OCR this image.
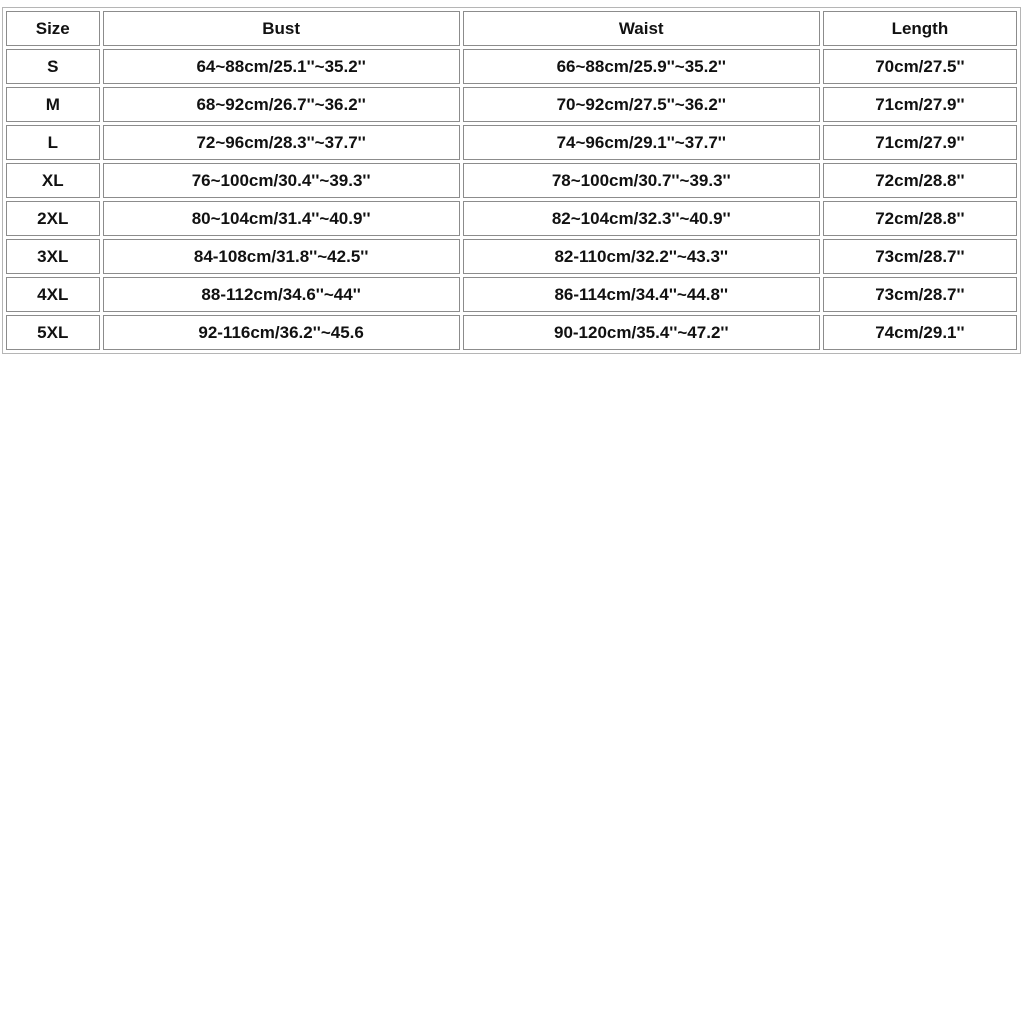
Size	Bust	Waist	Length
S	64~88cm/25.1''~35.2''	66~88cm/25.9''~35.2''	70cm/27.5''
M	68~92cm/26.7''~36.2''	70~92cm/27.5''~36.2''	71cm/27.9''
L	72~96cm/28.3''~37.7''	74~96cm/29.1''~37.7''	71cm/27.9''
XL	76~100cm/30.4''~39.3''	78~100cm/30.7''~39.3''	72cm/28.8''
2XL	80~104cm/31.4''~40.9''	82~104cm/32.3''~40.9''	72cm/28.8''
3XL	84-108cm/31.8''~42.5''	82-110cm/32.2''~43.3''	73cm/28.7''
4XL	88-112cm/34.6''~44''	86-114cm/34.4''~44.8''	73cm/28.7''
5XL	92-116cm/36.2''~45.6	90-120cm/35.4''~47.2''	74cm/29.1''
